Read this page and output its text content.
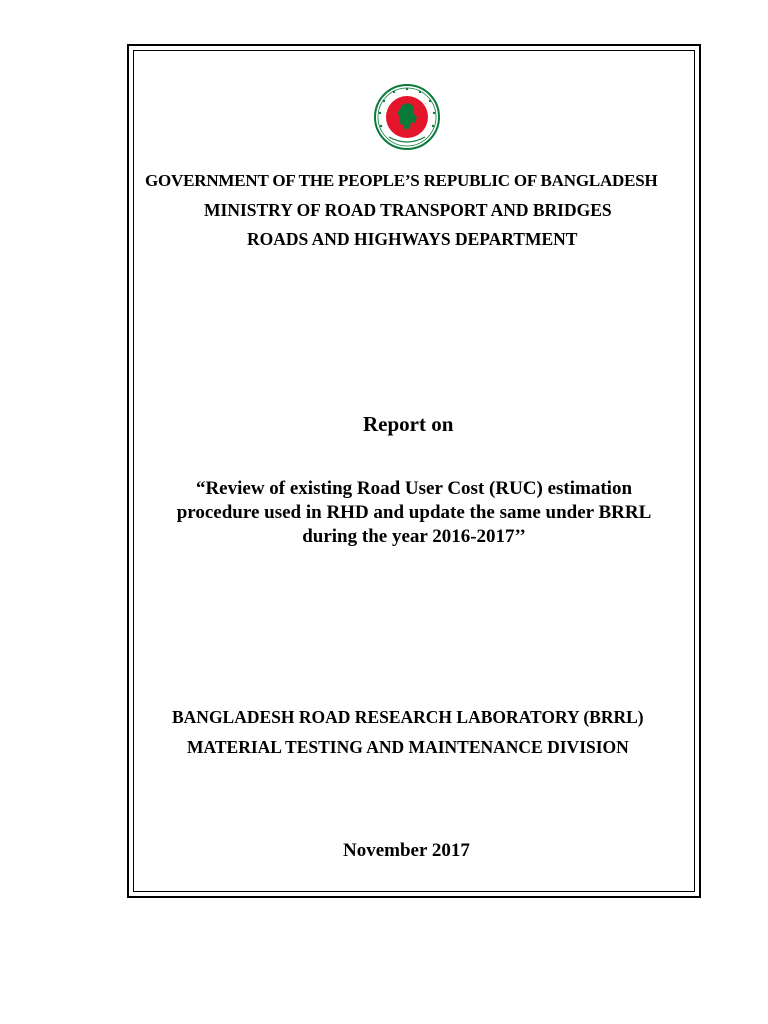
GOVERNMENT OF THE PEOPLE’S REPUBLIC OF BANGLADESH
MINISTRY OF ROAD TRANSPORT AND BRIDGES
ROADS AND HIGHWAYS DEPARTMENT
Report on
“Review of existing Road User Cost (RUC) estimation
procedure used in RHD and update the same under BRRL
during the year 2016-2017’’
BANGLADESH ROAD RESEARCH LABORATORY (BRRL)
MATERIAL TESTING AND MAINTENANCE DIVISION
November 2017
